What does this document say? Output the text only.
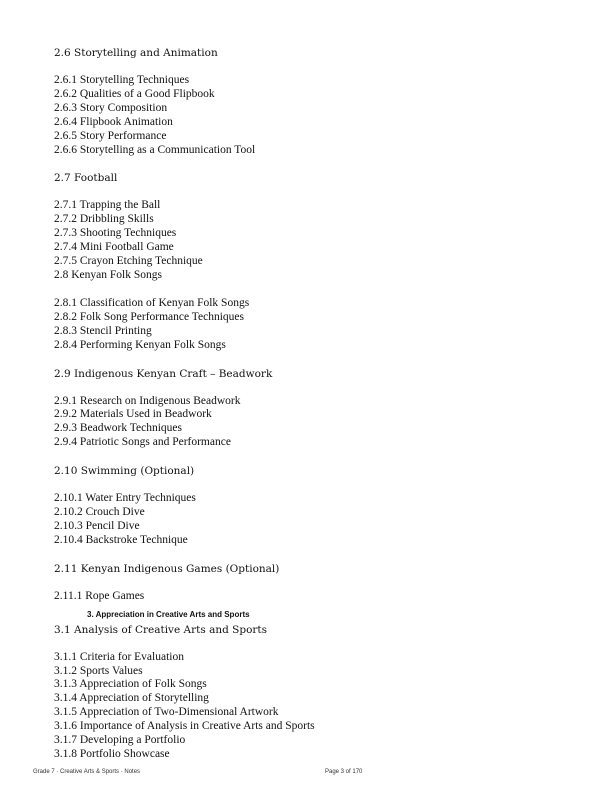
2.6 Storytelling and Animation

2.6.1 Storytelling Techniques
2.6.2 Qualities of a Good Flipbook
2.6.3 Story Composition
2.6.4 Flipbook Animation
2.6.5 Story Performance
2.6.6 Storytelling as a Communication Tool

2.7 Football

2.7.1 Trapping the Ball
2.7.2 Dribbling Skills
2.7.3 Shooting Techniques
2.7.4 Mini Football Game
2.7.5 Crayon Etching Technique
2.8 Kenyan Folk Songs
2.8.1 Classification of Kenyan Folk Songs
2.8.2 Folk Song Performance Techniques
2.8.3 Stencil Printing
2.8.4 Performing Kenyan Folk Songs

2.9 Indigenous Kenyan Craft – Beadwork

2.9.1 Research on Indigenous Beadwork
2.9.2 Materials Used in Beadwork
2.9.3 Beadwork Techniques
2.9.4 Patriotic Songs and Performance

2.10 Swimming (Optional)

2.10.1 Water Entry Techniques
2.10.2 Crouch Dive
2.10.3 Pencil Dive
2.10.4 Backstroke Technique

2.11 Kenyan Indigenous Games (Optional)

2.11.1 Rope Games

3. Appreciation in Creative Arts and Sports

3.1 Analysis of Creative Arts and Sports

3.1.1 Criteria for Evaluation
3.1.2 Sports Values
3.1.3 Appreciation of Folk Songs
3.1.4 Appreciation of Storytelling
3.1.5 Appreciation of Two-Dimensional Artwork
3.1.6 Importance of Analysis in Creative Arts and Sports
3.1.7 Developing a Portfolio
3.1.8 Portfolio Showcase
Grade 7 · Creative Arts & Sports · Notes	Page 3 of 170
